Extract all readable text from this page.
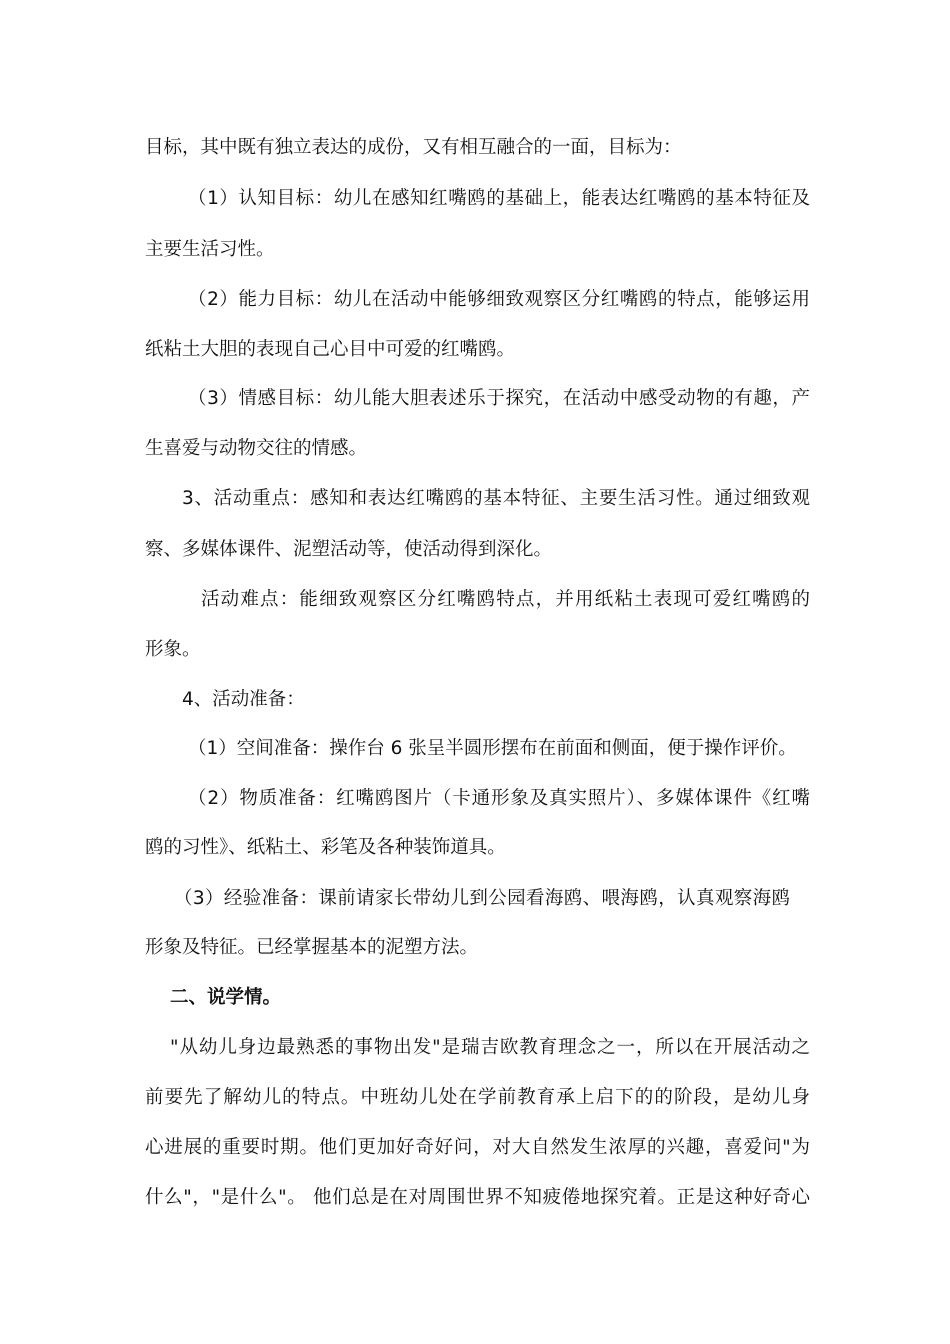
目标，其中既有独立表达的成份，又有相互融合的一面，目标为：
（1）认知目标：幼儿在感知红嘴鸥的基础上，能表达红嘴鸥的基本特征及
主要生活习性。
（2）能力目标：幼儿在活动中能够细致观察区分红嘴鸥的特点，能够运用
纸粘土大胆的表现自己心目中可爱的红嘴鸥。
（3）情感目标：幼儿能大胆表述乐于探究，在活动中感受动物的有趣，产
生喜爱与动物交往的情感。
3、活动重点：感知和表达红嘴鸥的基本特征、主要生活习性。通过细致观
察、多媒体课件、泥塑活动等，使活动得到深化。
活动难点：能细致观察区分红嘴鸥特点，并用纸粘土表现可爱红嘴鸥的
形象。
4、活动准备：
（1）空间准备：操作台 6 张呈半圆形摆布在前面和侧面，便于操作评价。
（2）物质准备：红嘴鸥图片（卡通形象及真实照片）、多媒体课件《红嘴
鸥的习性》、纸粘土、彩笔及各种装饰道具。
（3）经验准备：课前请家长带幼儿到公园看海鸥、喂海鸥，认真观察海鸥
形象及特征。已经掌握基本的泥塑方法。
二、说学情。
"从幼儿身边最熟悉的事物出发"是瑞吉欧教育理念之一，所以在开展活动之
前要先了解幼儿的特点。中班幼儿处在学前教育承上启下的的阶段，是幼儿身
心进展的重要时期。他们更加好奇好问，对大自然发生浓厚的兴趣，喜爱问"为
什么"，"是什么"。 他们总是在对周围世界不知疲倦地探究着。正是这种好奇心
